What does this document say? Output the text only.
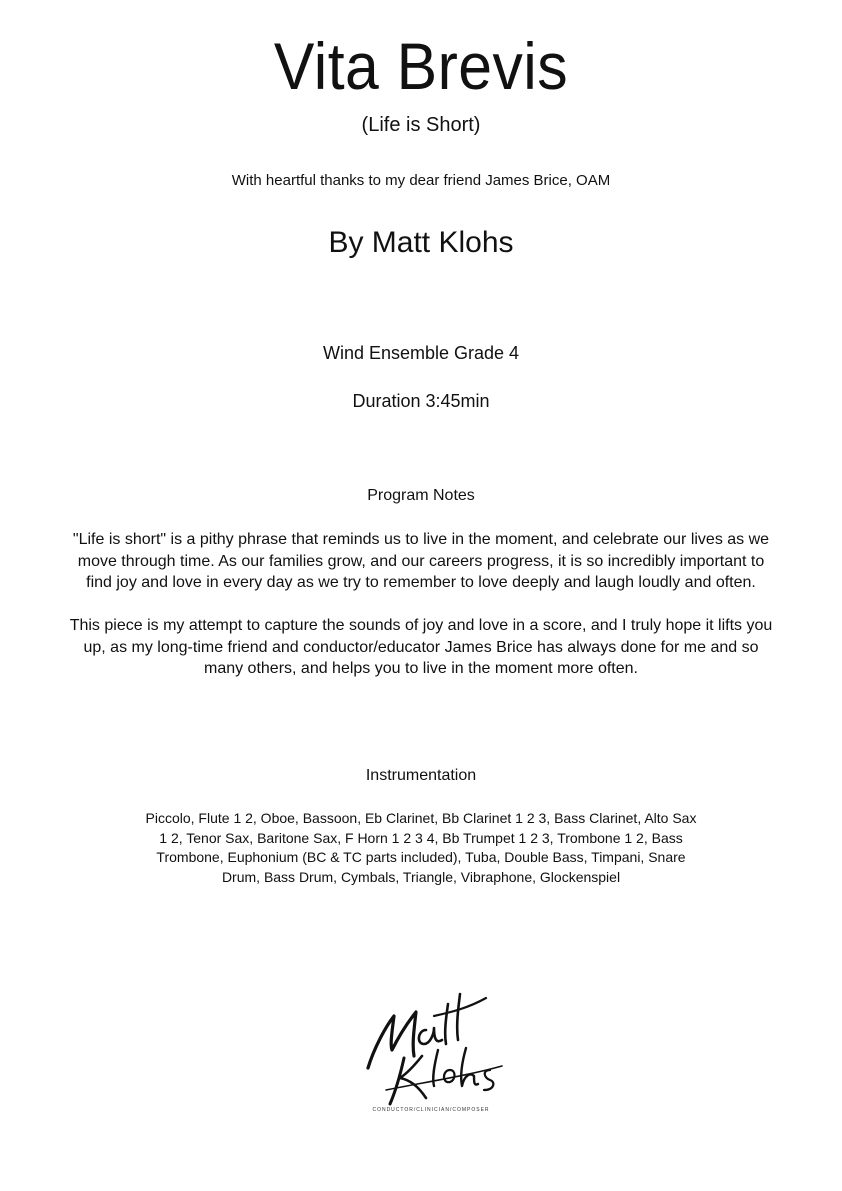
Vita Brevis
(Life is Short)
With heartful thanks to my dear friend James Brice, OAM
By Matt Klohs
Wind Ensemble Grade 4
Duration 3:45min
Program Notes

"Life is short" is a pithy phrase that reminds us to live in the moment, and celebrate our lives as we move through time. As our families grow, and our careers progress, it is so incredibly important to find joy and love in every day as we try to remember to love deeply and laugh loudly and often.

This piece is my attempt to capture the sounds of joy and love in a score, and I truly hope it lifts you up, as my long-time friend and conductor/educator James Brice has always done for me and so many others, and helps you to live in the moment more often.

Instrumentation
Piccolo, Flute 1 2, Oboe, Bassoon, Eb Clarinet, Bb Clarinet 1 2 3, Bass Clarinet, Alto Sax 1 2, Tenor Sax, Baritone Sax, F Horn 1 2 3 4, Bb Trumpet 1 2 3, Trombone 1 2, Bass Trombone, Euphonium (BC & TC parts included), Tuba, Double Bass, Timpani, Snare Drum, Bass Drum, Cymbals, Triangle, Vibraphone, Glockenspiel
CONDUCTOR/CLINICIAN/COMPOSER
